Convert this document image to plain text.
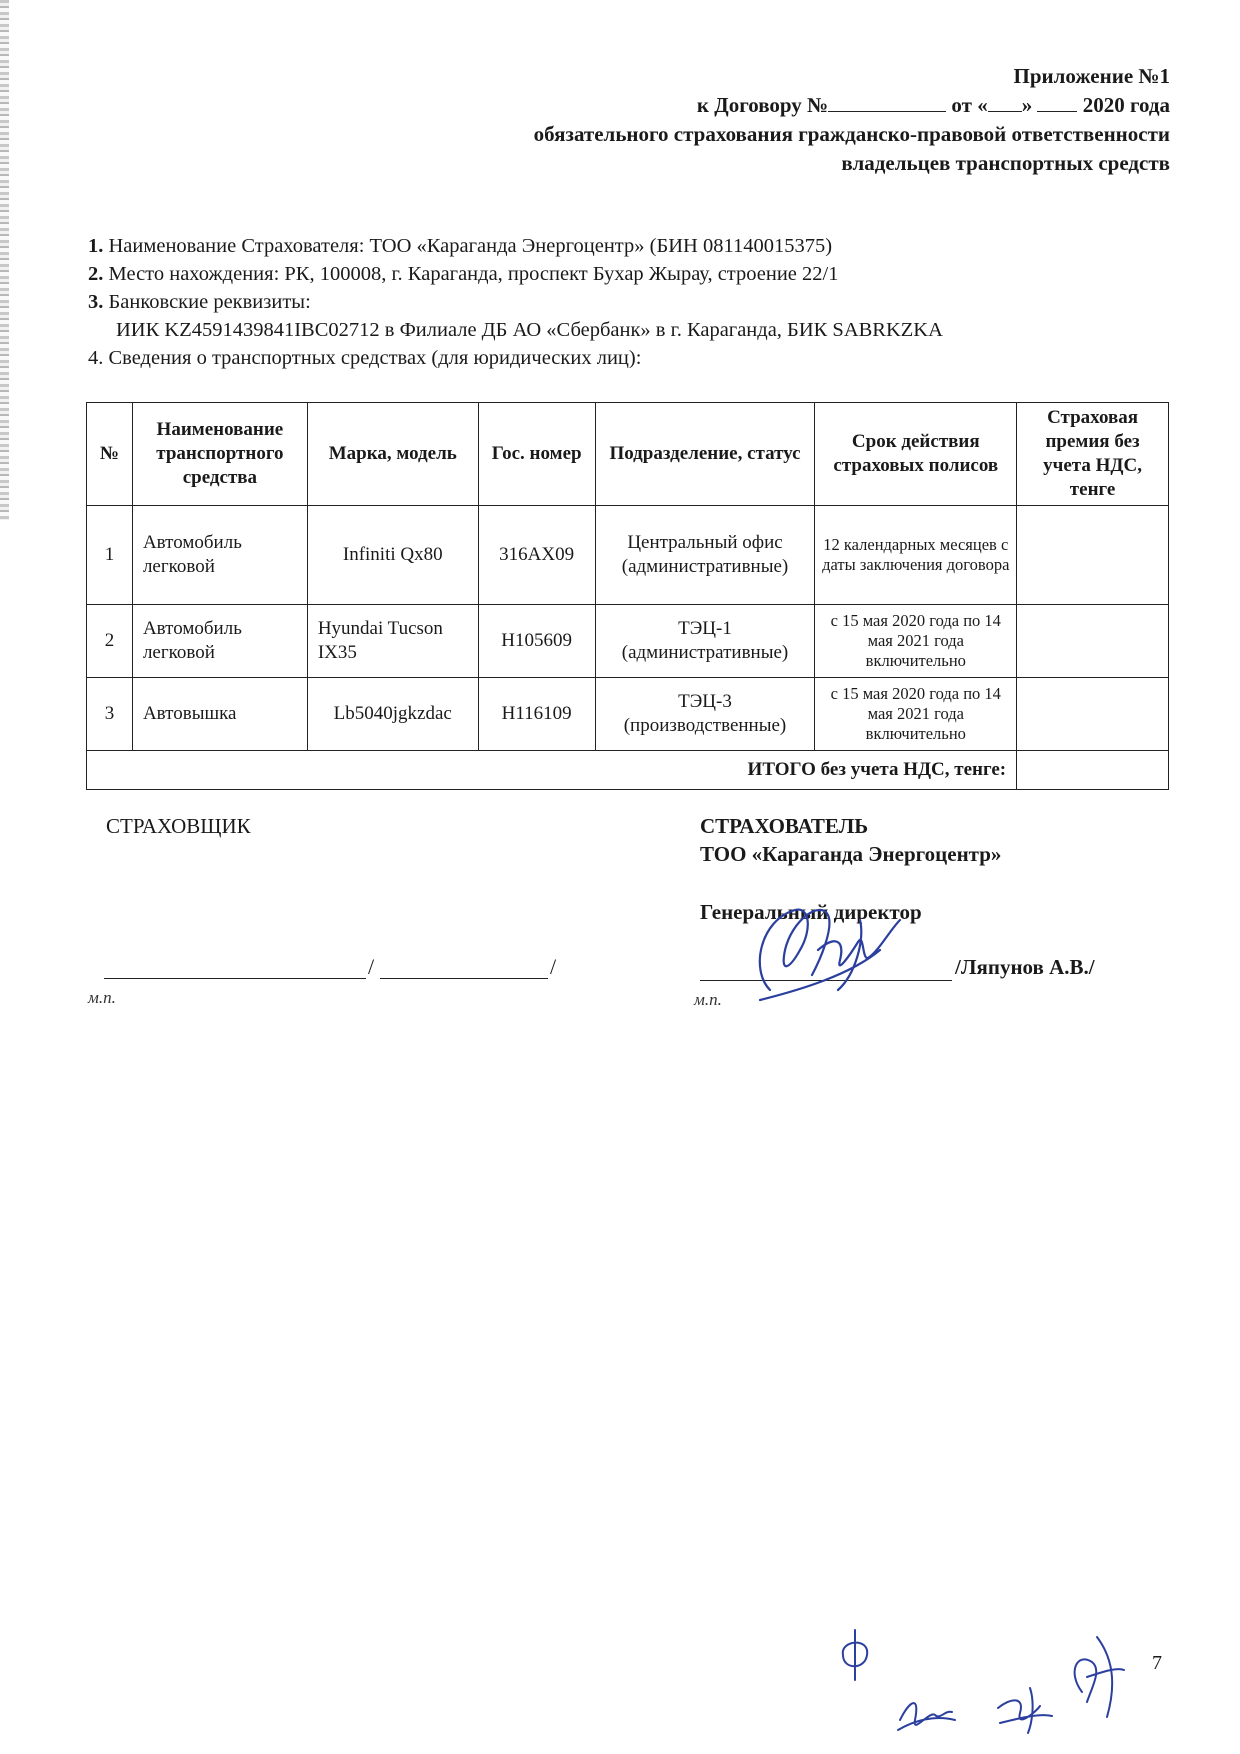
Приложение №1
к Договору №	от « »  2020 года
обязательного страхования гражданско-правовой ответственности
владельцев транспортных средств
1. Наименование Страхователя: ТОО «Караганда Энергоцентр» (БИН 081140015375)
2. Место нахождения: РК, 100008, г. Караганда, проспект Бухар Жырау, строение 22/1
3. Банковские реквизиты:
ИИК KZ4591439841IBC02712 в Филиале ДБ АО «Сбербанк» в г. Караганда, БИК SABRKZKA
4. Сведения о транспортных средствах (для юридических лиц):
№	Наименование транспортного средства	Марка, модель	Гос. номер	Подразделение, статус	Срок действия страховых полисов	Страховая премия без учета НДС, тенге
1	Автомобиль легковой	Infiniti Qx80	316AX09	Центральный офис (административные)	12 календарных месяцев с даты заключения договора	
2	Автомобиль легковой	Hyundai Tucson IX35	H105609	ТЭЦ-1 (административные)	с 15 мая 2020 года по 14 мая 2021 года включительно	
3	Автовышка	Lb5040jgkzdac	H116109	ТЭЦ-3 (производственные)	с 15 мая 2020 года по 14 мая 2021 года включительно	
ИТОГО без учета НДС, тенге:						
СТРАХОВЩИК
/	/
м.п.
СТРАХОВАТЕЛЬ
ТОО «Караганда Энергоцентр»
Генеральный директор
/Ляпунов А.В./
м.п.
7
